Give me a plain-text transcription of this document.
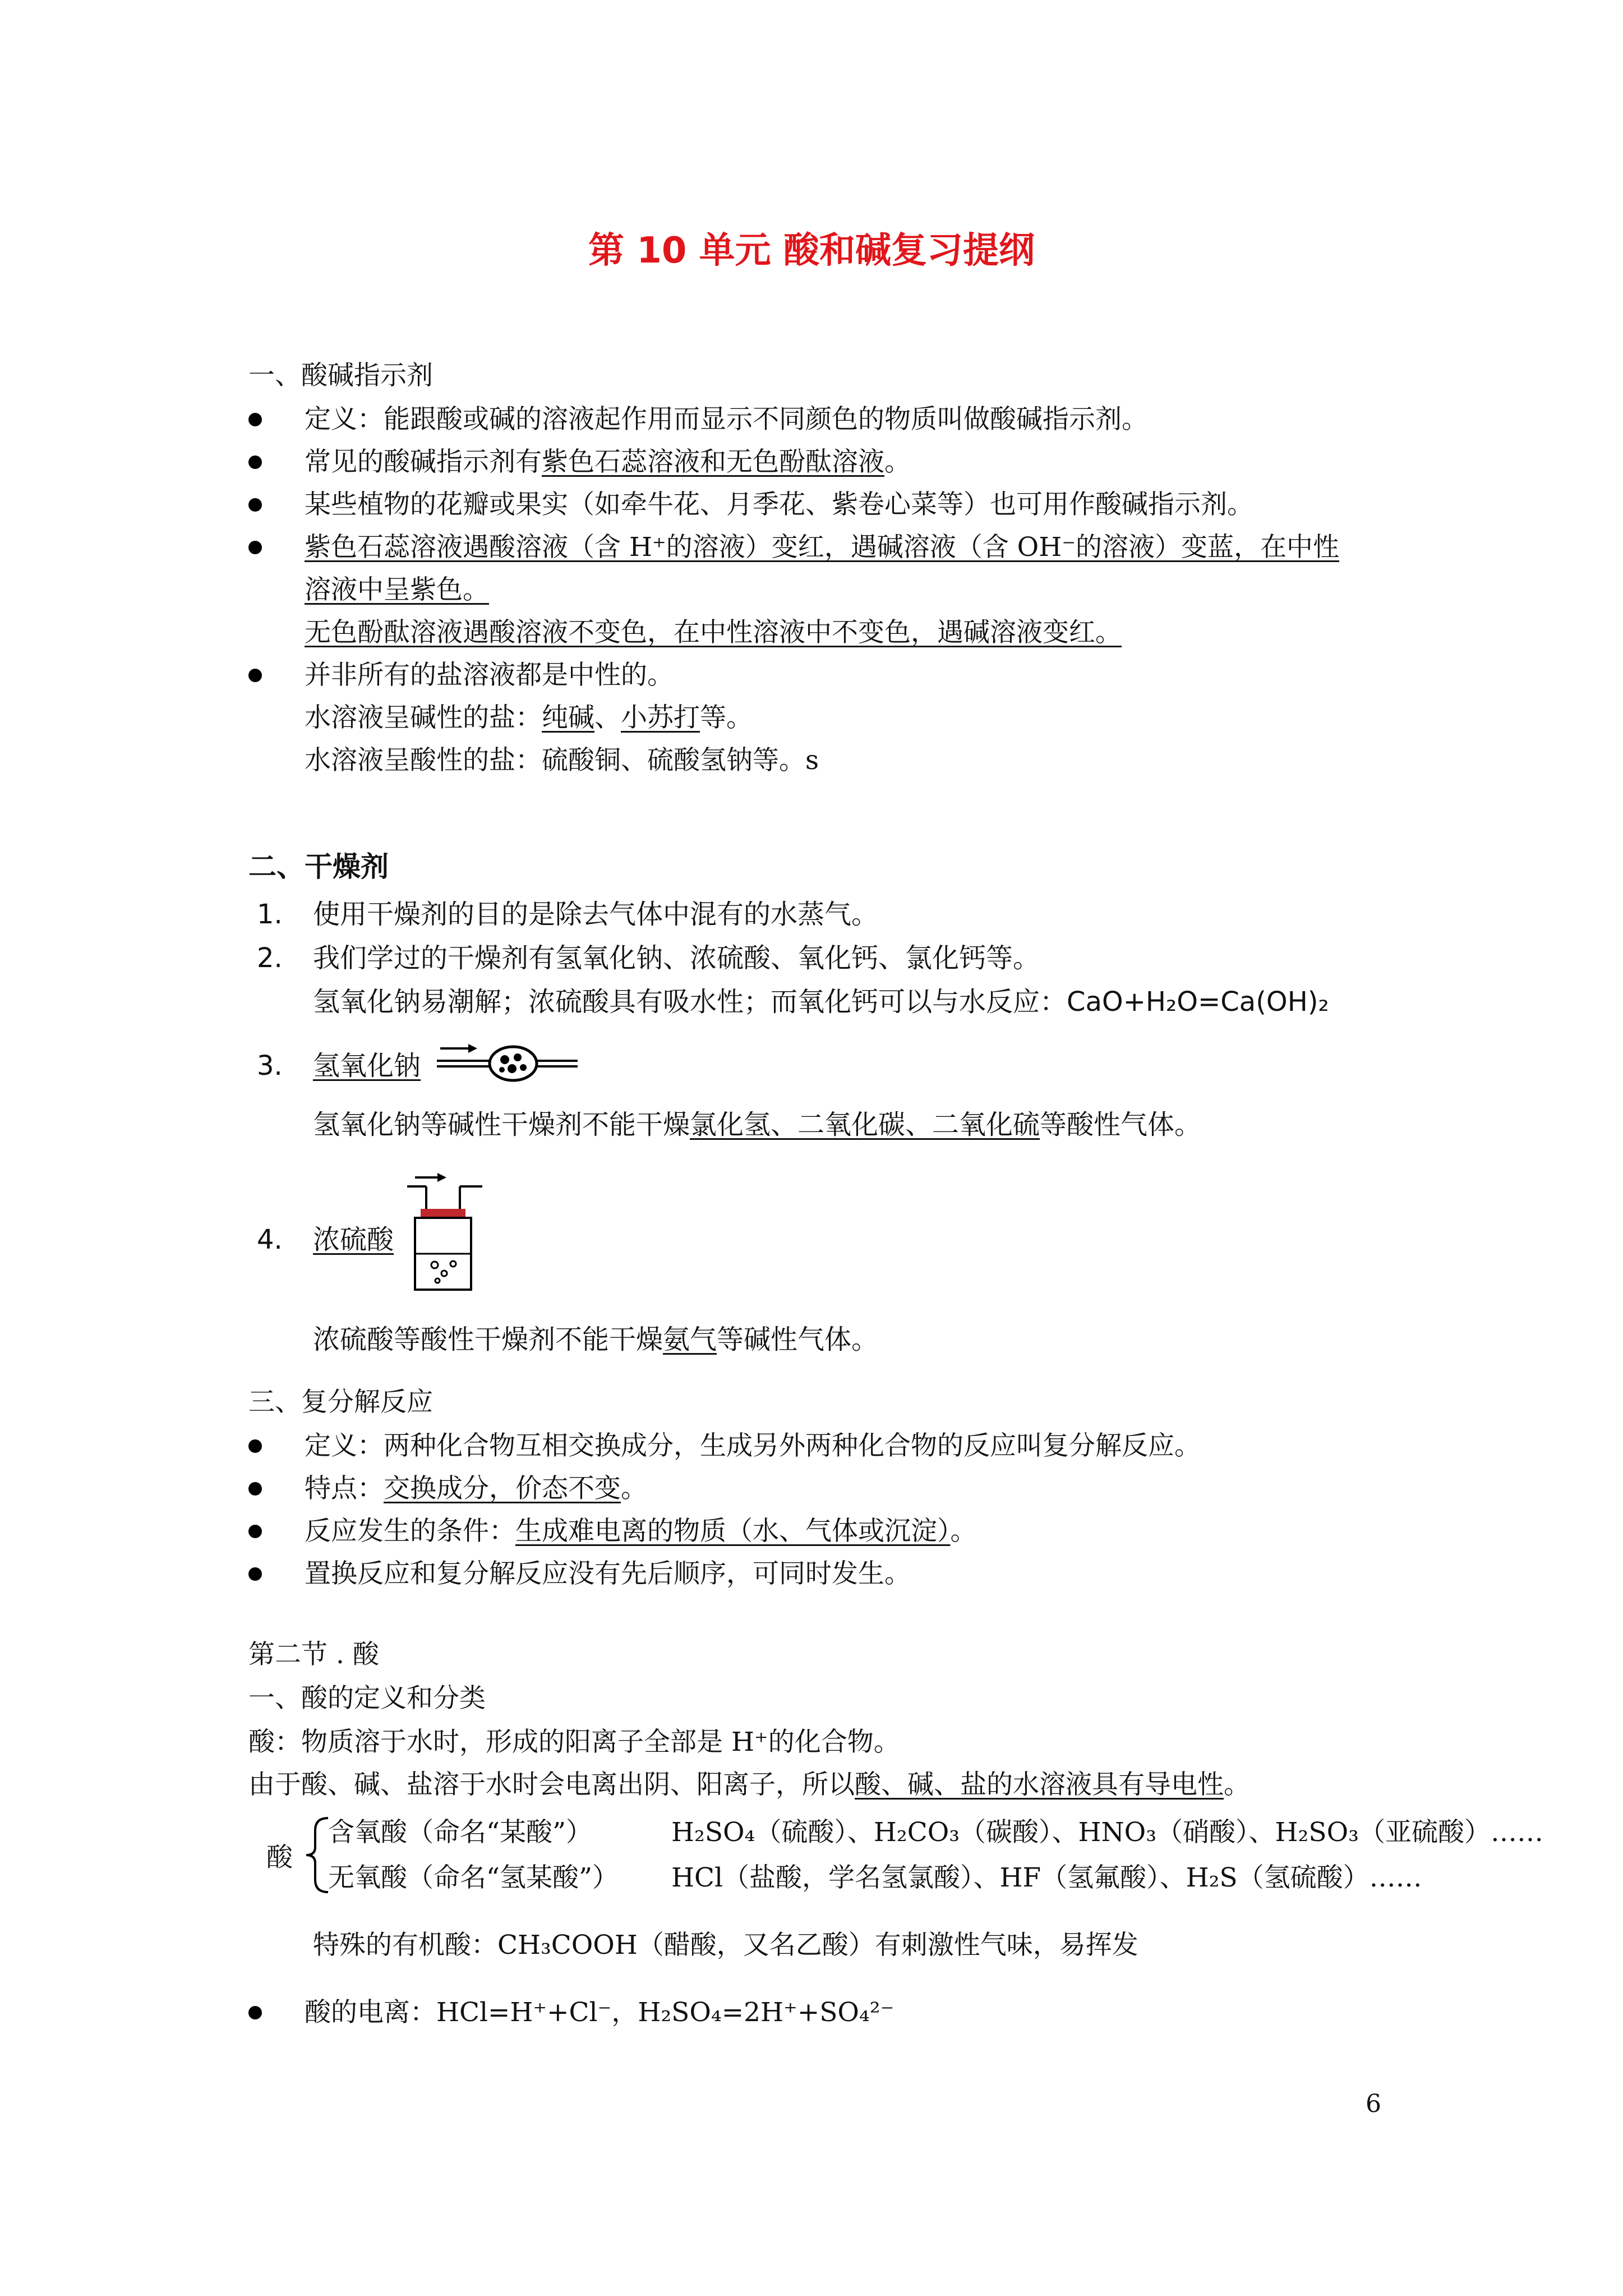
第 10 单元 酸和碱复习提纲
一、酸碱指示剂
定义：能跟酸或碱的溶液起作用而显示不同颜色的物质叫做酸碱指示剂。
常见的酸碱指示剂有紫色石蕊溶液和无色酚酞溶液。
某些植物的花瓣或果实（如牵牛花、月季花、紫卷心菜等）也可用作酸碱指示剂。
紫色石蕊溶液遇酸溶液（含 H⁺的溶液）变红，遇碱溶液（含 OH⁻的溶液）变蓝，在中性
溶液中呈紫色。
无色酚酞溶液遇酸溶液不变色，在中性溶液中不变色，遇碱溶液变红。
并非所有的盐溶液都是中性的。
水溶液呈碱性的盐：纯碱、小苏打等。
水溶液呈酸性的盐：硫酸铜、硫酸氢钠等。s
二、干燥剂
1. 使用干燥剂的目的是除去气体中混有的水蒸气。
2. 我们学过的干燥剂有氢氧化钠、浓硫酸、氧化钙、氯化钙等。
氢氧化钠易潮解；浓硫酸具有吸水性；而氧化钙可以与水反应：CaO+H₂O=Ca(OH)₂
3. 氢氧化钠
氢氧化钠等碱性干燥剂不能干燥氯化氢、二氧化碳、二氧化硫等酸性气体。
4. 浓硫酸
浓硫酸等酸性干燥剂不能干燥氨气等碱性气体。
三、复分解反应
定义：两种化合物互相交换成分，生成另外两种化合物的反应叫复分解反应。
特点：交换成分，价态不变。
反应发生的条件：生成难电离的物质（水、气体或沉淀）。
置换反应和复分解反应没有先后顺序，可同时发生。
第二节 . 酸
一、酸的定义和分类
酸：物质溶于水时，形成的阳离子全部是 H⁺的化合物。
由于酸、碱、盐溶于水时会电离出阴、阳离子，所以酸、碱、盐的水溶液具有导电性。
酸
含氧酸（命名“某酸”）	H₂SO₄（硫酸）、H₂CO₃（碳酸）、HNO₃（硝酸）、H₂SO₃（亚硫酸）……
无氧酸（命名“氢某酸”） HCl（盐酸，学名氢氯酸）、HF（氢氟酸）、H₂S（氢硫酸）……
特殊的有机酸：CH₃COOH（醋酸，又名乙酸）有刺激性气味，易挥发
酸的电离：HCl=H⁺+Cl⁻，H₂SO₄=2H⁺+SO₄²⁻
6
